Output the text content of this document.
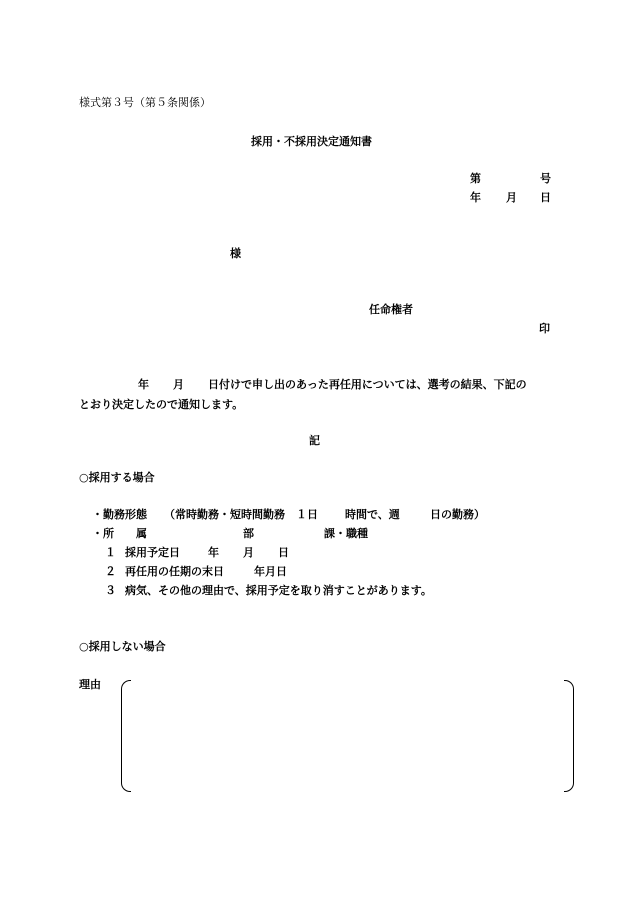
様式第３号（第５条関係）
採用・不採用決定通知書
第	号
年 月 日
様
任命権者
印
年 月 日付けで申し出のあった再任用については、選考の結果、下記の
とおり決定したので通知します。
記
○採用する場合
・勤務形態 （常時勤務・短時間勤務　１日 時間で、週	日の勤務）
・所 属	部	課・職種
１ 採用予定日	年 月 日
２ 再任用の任期の末日	年月日
３ 病気、その他の理由で、採用予定を取り消すことがあります。
○採用しない場合
理由
